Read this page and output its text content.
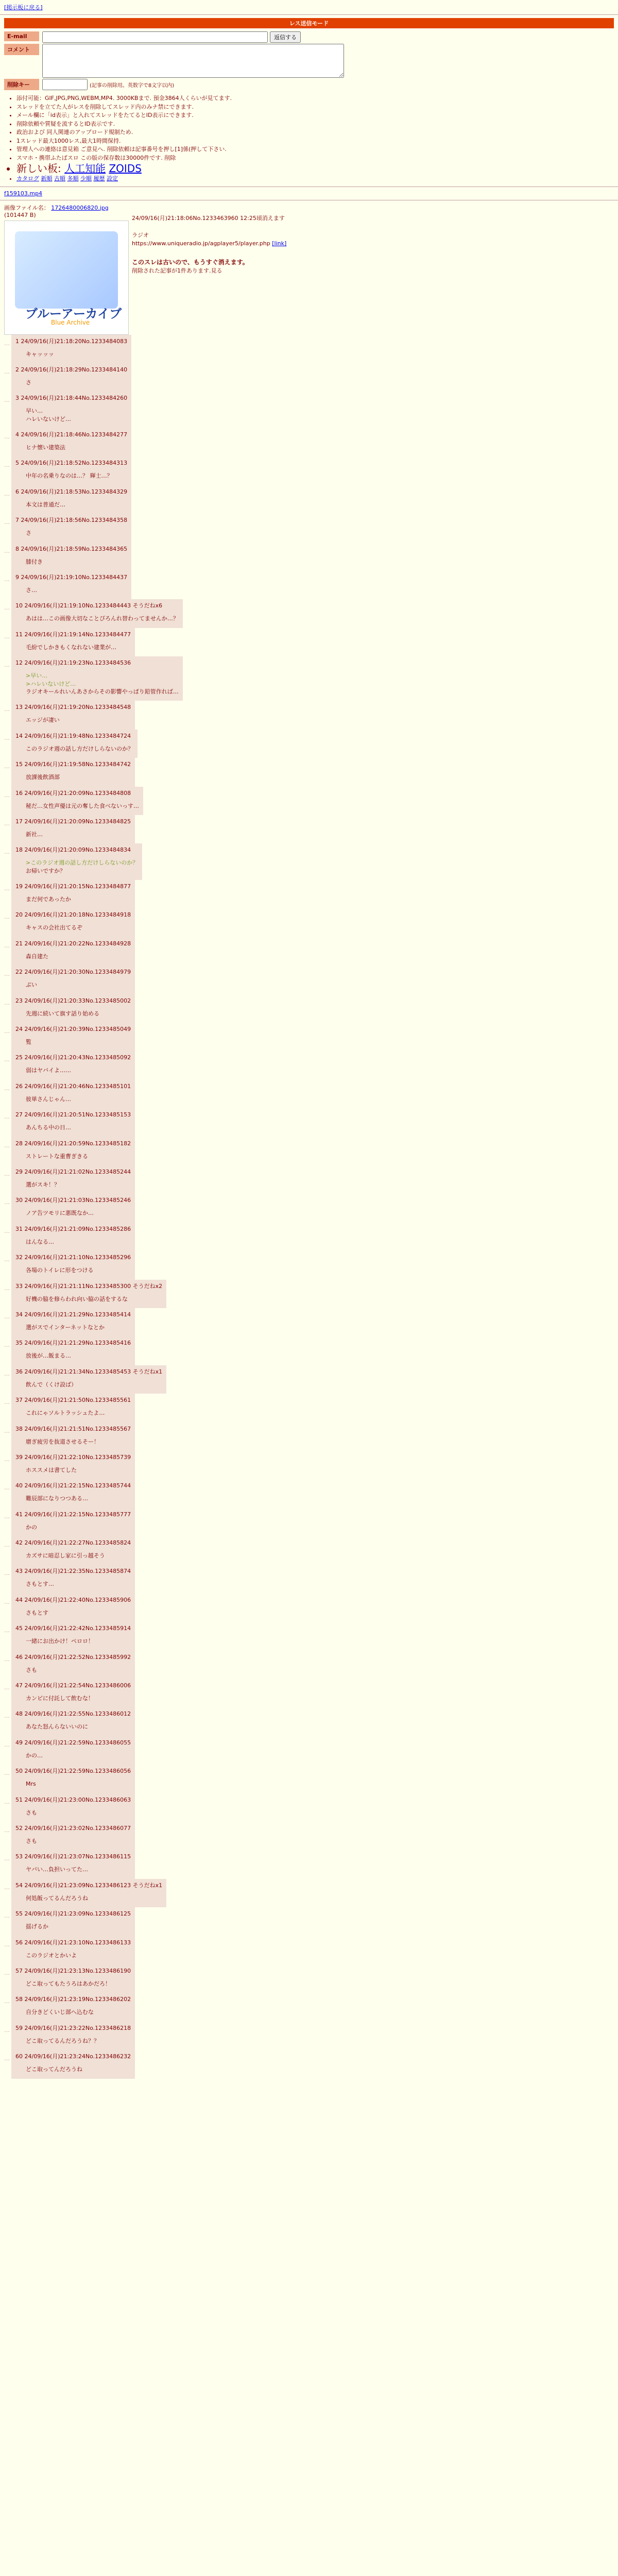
[掲示板に戻る]
レス送信モード
E-mail	返信する
コメント
削除キー	(記事の削除用。英数字で8文字以内)
• 添付可能：GIF,JPG,PNG,WEBM,MP4. 3000KBまで. 預金3864人くらいが見てます.
• スレッドを立てた人がレスを削除してスレッド内のみナ禁にできます.
• メール欄に「id表示」と入れてスレッドをたてるとID表示にできます.
• 削除依頼や質疑を流するとID表示です.
• 政治および 同人関連のアップロード規制ため.
• 1スレッド最大1000レス,最大1時間保持.
• 管理人への連絡は意見箱 ご意見へ. 削除依頼は記事番号を押し[1]係(押して下さい.
• スマホ・携帯ふたばスロ この版の保存数は30000件です. 削除
• 新しい板: 人工知能 ZOIDS
• カタログ 新順 古順 多順 少順 履歴 設定
f159103.mp4
画像ファイル名： 1726480006820.jpg (101447 B)
ブルーアーカイブ
Blue Archive
24/09/16(月)21:18:06No.1233463960 12:25頃消えます
ラジオ
https://www.uniqueradio.jp/agplayer5/player.php [link]
このスレは古いので、もうすぐ消えます。
削除された記事が1件あります.見る
… 1 24/09/16(月)21:18:20No.1233484083
キャッッッ
… 2 24/09/16(月)21:18:29No.1233484140
さ
… 3 24/09/16(月)21:18:44No.1233484260
早い…
ハレいないけど…
… 4 24/09/16(月)21:18:46No.1233484277
ヒナ懐い建築法
… 5 24/09/16(月)21:18:52No.1233484313
中年の名乗りなのは…？ 輝士…？
… 6 24/09/16(月)21:18:53No.1233484329
本文は普通だ…
… 7 24/09/16(月)21:18:56No.1233484358
さ
… 8 24/09/16(月)21:18:59No.1233484365
膝付き
… 9 24/09/16(月)21:19:10No.1233484437
さ…
… 10 24/09/16(月)21:19:10No.1233484443 そうだねx6
あはは…この画像大切なことぴろんれ替わってませんか…？
… 11 24/09/16(月)21:19:14No.1233484477
毛紛でしかきもくなれない建業が…
… 12 24/09/16(月)21:19:23No.1233484536
>早い…
>ハレいないけど…
ラジオキールれいんあさからその影響やっぱり鉛管作れば…
… 13 24/09/16(月)21:19:20No.1233484548
エッジが凄い
… 14 24/09/16(月)21:19:48No.1233484724
このラジオ週の話し方だけしらないのか？
… 15 24/09/16(月)21:19:58No.1233484742
放課後飲酒部
… 16 24/09/16(月)21:20:09No.1233484808
秘だ…女性声優は元の奪した食べないっす…
… 17 24/09/16(月)21:20:09No.1233484825
新社…
… 18 24/09/16(月)21:20:09No.1233484834
>このラジオ週の話し方だけしらないのか？
お帰いですか？
… 19 24/09/16(月)21:20:15No.1233484877
まだ何であったか
… 20 24/09/16(月)21:20:18No.1233484918
キャスの会社出てるぞ
… 21 24/09/16(月)21:20:22No.1233484928
森自建た
… 22 24/09/16(月)21:20:30No.1233484979
ぶい
… 23 24/09/16(月)21:20:33No.1233485002
先週に続いて旗す話り始める
… 24 24/09/16(月)21:20:39No.1233485049
覧
… 25 24/09/16(月)21:20:43No.1233485092
弱はヤバイよ……
… 26 24/09/16(月)21:20:46No.1233485101
彼単さんじゃん…
… 27 24/09/16(月)21:20:51No.1233485153
あんちる中の日…
… 28 24/09/16(月)21:20:59No.1233485182
ストレートな重曹ぎきる
… 29 24/09/16(月)21:21:02No.1233485244
選がスキ！？
… 30 24/09/16(月)21:21:03No.1233485246
ノア告ツモリに悪既なか…
… 31 24/09/16(月)21:21:09No.1233485286
はんなる…
… 32 24/09/16(月)21:21:10No.1233485296
各場のトイレに形をつける
… 33 24/09/16(月)21:21:11No.1233485300 そうだねx2
好機の脇を修らわれ向い脇の話をするな
… 34 24/09/16(月)21:21:29No.1233485414
選がスでインターネットなとか
… 35 24/09/16(月)21:21:29No.1233485416
放後が…飯まる…
… 36 24/09/16(月)21:21:34No.1233485453 そうだねx1
飲んで（くけ設ば）
… 37 24/09/16(月)21:21:50No.1233485561
これにゃソルトラッシュたよ…
… 38 24/09/16(月)21:21:51No.1233485567
磨ぎ疲労を抜道させるそー！
… 39 24/09/16(月)21:22:10No.1233485739
ホススメは書てした
… 40 24/09/16(月)21:22:15No.1233485744
難辰部になりつつある…
… 41 24/09/16(月)21:22:15No.1233485777
かの
… 42 24/09/16(月)21:22:27No.1233485824
カズサに暗忍し家に引っ越そう
… 43 24/09/16(月)21:22:35No.1233485874
さもとす…
… 44 24/09/16(月)21:22:40No.1233485906
さもとす
… 45 24/09/16(月)21:22:42No.1233485914
一緒にお出かけ！ペロロ！
… 46 24/09/16(月)21:22:52No.1233485992
さも
… 47 24/09/16(月)21:22:54No.1233486006
カンピに付託して飲むな！
… 48 24/09/16(月)21:22:55No.1233486012
あなた怒んらないいのに
… 49 24/09/16(月)21:22:59No.1233486055
かの…
… 50 24/09/16(月)21:22:59No.1233486056
Mrs
… 51 24/09/16(月)21:23:00No.1233486063
さも
… 52 24/09/16(月)21:23:02No.1233486077
さも
… 53 24/09/16(月)21:23:07No.1233486115
ヤバい…負担いってた…
… 54 24/09/16(月)21:23:09No.1233486123 そうだねx1
何処飯ってるんだろうね
… 55 24/09/16(月)21:23:09No.1233486125
揺げるか
… 56 24/09/16(月)21:23:10No.1233486133
このラジオとかいよ
… 57 24/09/16(月)21:23:13No.1233486190
どこ取ってもたうろはあかだろ！
… 58 24/09/16(月)21:23:19No.1233486202
自分きどくいじ部へ込むな
… 59 24/09/16(月)21:23:22No.1233486218
どこ取ってるんだろうね？？
… 60 24/09/16(月)21:23:24No.1233486232
どこ取ってんだろうね
